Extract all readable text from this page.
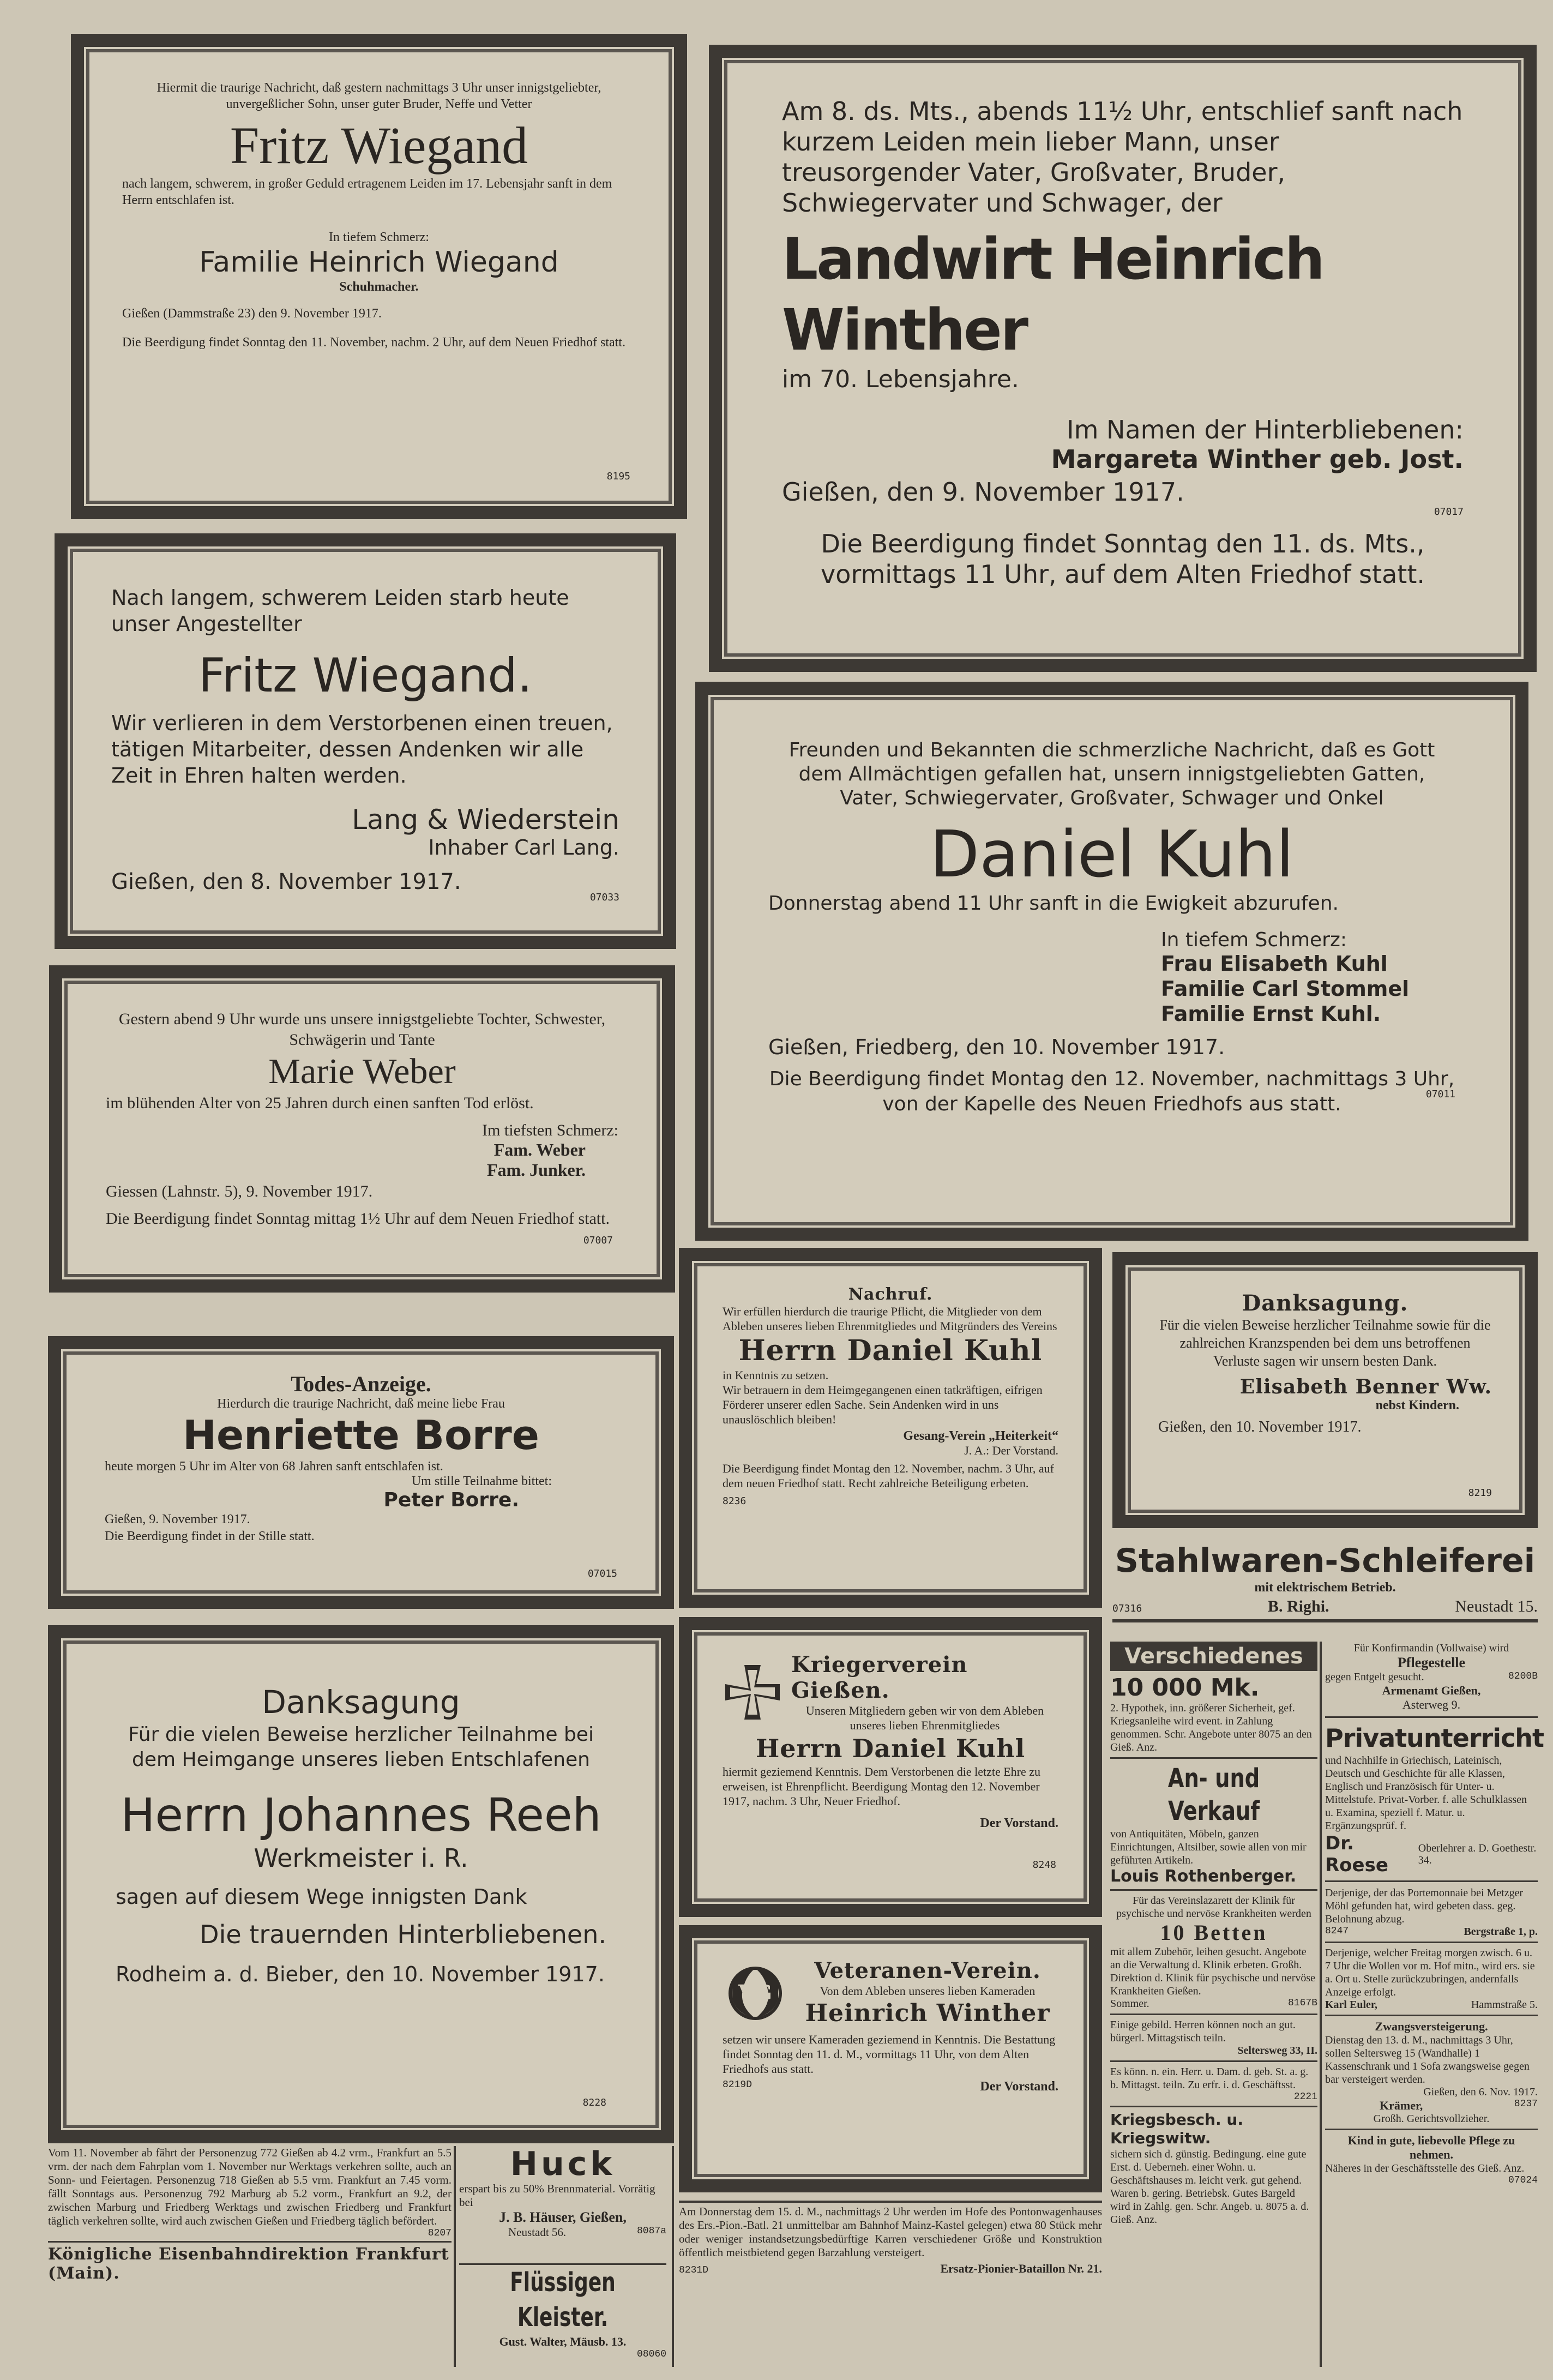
Hiermit die traurige Nachricht, daß gestern nachmittags 3 Uhr unser innigstgeliebter, unvergeßlicher Sohn, unser guter Bruder, Neffe und Vetter
Fritz Wiegand
nach langem, schwerem, in großer Geduld ertragenem Leiden im 17. Lebensjahr sanft in dem Herrn entschlafen ist.
In tiefem Schmerz:
Familie Heinrich Wiegand
Schuhmacher.
Gießen (Dammstraße 23) den 9. November 1917.
Die Beerdigung findet Sonntag den 11. November, nachm. 2 Uhr, auf dem Neuen Friedhof statt.
8195
Am 8. ds. Mts., abends 11½ Uhr, entschlief sanft nach kurzem Leiden mein lieber Mann, unser treusorgender Vater, Großvater, Bruder, Schwiegervater und Schwager, der
Landwirt Heinrich Winther
im 70. Lebensjahre.
Im Namen der Hinterbliebenen:
Margareta Winther geb. Jost.
Gießen, den 9. November 1917.
07017
Die Beerdigung findet Sonntag den 11. ds. Mts., vormittags 11 Uhr, auf dem Alten Friedhof statt.
Nach langem, schwerem Leiden starb heute unser Angestellter
Fritz Wiegand.
Wir verlieren in dem Verstorbenen einen treuen, tätigen Mitarbeiter, dessen Andenken wir alle Zeit in Ehren halten werden.
Lang & Wiederstein
Inhaber Carl Lang.
Gießen, den 8. November 1917.
07033
Freunden und Bekannten die schmerzliche Nachricht, daß es Gott dem Allmächtigen gefallen hat, unsern innigstgeliebten Gatten, Vater, Schwiegervater, Großvater, Schwager und Onkel
Daniel Kuhl
Donnerstag abend 11 Uhr sanft in die Ewigkeit abzurufen.
In tiefem Schmerz:
Frau Elisabeth Kuhl
Familie Carl Stommel
Familie Ernst Kuhl.
Gießen, Friedberg, den 10. November 1917.
07011
Die Beerdigung findet Montag den 12. November, nachmittags 3 Uhr, von der Kapelle des Neuen Friedhofs aus statt.
Gestern abend 9 Uhr wurde uns unsere innigstgeliebte Tochter, Schwester, Schwägerin und Tante
Marie Weber
im blühenden Alter von 25 Jahren durch einen sanften Tod erlöst.
Im tiefsten Schmerz:
Fam. Weber
Fam. Junker.
Giessen (Lahnstr. 5), 9. November 1917.
07007
Die Beerdigung findet Sonntag mittag 1½ Uhr auf dem Neuen Friedhof statt.
Nachruf.
Wir erfüllen hierdurch die traurige Pflicht, die Mitglieder von dem Ableben unseres lieben Ehrenmitgliedes und Mitgründers des Vereins
Herrn Daniel Kuhl
in Kenntnis zu setzen.
Wir betrauern in dem Heimgegangenen einen tatkräftigen, eifrigen Förderer unserer edlen Sache. Sein Andenken wird in uns unauslöschlich bleiben!
Gesang-Verein „Heiterkeit“
8236
J. A.: Der Vorstand.
Die Beerdigung findet Montag den 12. November, nachm. 3 Uhr, auf dem neuen Friedhof statt. Recht zahlreiche Beteiligung erbeten.
Danksagung.
Für die vielen Beweise herzlicher Teilnahme sowie für die zahlreichen Kranzspenden bei dem uns betroffenen Verluste sagen wir unsern besten Dank.
Elisabeth Benner Ww.
nebst Kindern.
Gießen, den 10. November 1917.
8219
Todes-Anzeige.
Hierdurch die traurige Nachricht, daß meine liebe Frau
Henriette Borre
heute morgen 5 Uhr im Alter von 68 Jahren sanft entschlafen ist.
Um stille Teilnahme bittet:
Peter Borre.
Gießen, 9. November 1917.
Die Beerdigung findet in der Stille statt.
07015	Stahlwaren-Schleiferei
mit elektrischem Betrieb.
07316	B. Righi.	Neustadt 15.
Kriegerverein Gießen.
Unseren Mitgliedern geben wir von dem Ableben unseres lieben Ehrenmitgliedes
Herrn Daniel Kuhl
hiermit geziemend Kenntnis. Dem Verstorbenen die letzte Ehre zu erweisen, ist Ehrenpflicht. Beerdigung Montag den 12. November 1917, nachm. 3 Uhr, Neuer Friedhof.
8248
Der Vorstand.
Verschiedenes
10 000 Mk.
2. Hypothek, inn. größerer Sicherheit, gef. Kriegsanleihe wird event. in Zahlung genommen. Schr. Angebote unter 8075 an den Gieß. Anz.
An- und Verkauf
von Antiquitäten, Möbeln, ganzen Einrichtungen, Altsilber, sowie allen von mir geführten Artikeln.
Louis Rothenberger.
Für das Vereinslazarett der Klinik für psychische und nervöse Krankheiten werden
10 Betten
mit allem Zubehör, leihen gesucht. Angebote an die Verwaltung d. Klinik erbeten. Großh. Direktion d. Klinik für psychische und nervöse Krankheiten Gießen.
Sommer.	8167B
Einige gebild. Herren können noch an gut. bürgerl. Mittagstisch teiln.
Seltersweg 33, II.
Es könn. n. ein. Herr. u. Dam. d. geb. St. a. g. b. Mittagst. teiln. Zu erfr. i. d. Geschäftsst.
2221
Kriegsbesch. u. Kriegswitw.
sichern sich d. günstig. Bedingung. eine gute Erst. d. Ueberneh. einer Wohn. u. Geschäftshauses m. leicht verk. gut gehend. Waren b. gering. Betriebsk. Gutes Bargeld wird in Zahlg. gen. Schr. Angeb. u. 8075 a. d. Gieß. Anz.
Für Konfirmandin (Vollwaise) wird
Pflegestelle
gegen Entgelt gesucht.	8200B
Armenamt Gießen,
Asterweg 9.
Privatunterricht
und Nachhilfe in Griechisch, Lateinisch, Deutsch und Geschichte für alle Klassen, Englisch und Französisch für Unter- u. Mittelstufe. Privat-Vorber. f. alle Schulklassen u. Examina, speziell f. Matur. u. Ergänzungsprüf. f.
Dr. Roese
Oberlehrer a. D. Goethestr. 34.
Derjenige, der das Portemonnaie bei Metzger Möhl gefunden hat, wird gebeten dass. geg. Belohnung abzug.
8247	Bergstraße 1, p.
Derjenige, welcher Freitag morgen zwisch. 6 u. 7 Uhr die Wollen vor m. Hof mitn., wird ers. sie a. Ort u. Stelle zurückzubringen, andernfalls Anzeige erfolgt.
Karl Euler,	Hammstraße 5.
Zwangsversteigerung.
Dienstag den 13. d. M., nachmittags 3 Uhr, sollen Seltersweg 15 (Wandhalle) 1 Kassenschrank und 1 Sofa zwangsweise gegen bar versteigert werden.
Gießen, den 6. Nov. 1917.
Krämer,	8237
Großh. Gerichtsvollzieher.
Kind in gute, liebevolle Pflege zu nehmen.
Näheres in der Geschäftsstelle des Gieß. Anz.
07024
VG
Veteranen-Verein.
Von dem Ableben unseres lieben Kameraden
Heinrich Winther
setzen wir unsere Kameraden geziemend in Kenntnis. Die Bestattung findet Sonntag den 11. d. M., vormittags 11 Uhr, von dem Alten Friedhofs aus statt.
8219D	Der Vorstand.
Danksagung
Für die vielen Beweise herzlicher Teilnahme bei dem Heimgange unseres lieben Entschlafenen
Herrn Johannes Reeh
Werkmeister i. R.
sagen auf diesem Wege innigsten Dank
Die trauernden Hinterbliebenen.
Rodheim a. d. Bieber, den 10. November 1917.
8228
Vom 11. November ab fährt der Personenzug 772 Gießen ab 4.2 vrm., Frankfurt an 5.5 vrm. der nach dem Fahrplan vom 1. November nur Werktags verkehren sollte, auch an Sonn- und Feiertagen. Personenzug 718 Gießen ab 5.5 vrm. Frankfurt an 7.45 vorm. fällt Sonntags aus. Personenzug 792 Marburg ab 5.2 vorm., Frankfurt an 9.2, der zwischen Marburg und Friedberg Werktags und zwischen Friedberg und Frankfurt täglich verkehren sollte, wird auch zwischen Gießen und Friedberg täglich befördert.
8207
Königliche Eisenbahndirektion Frankfurt (Main).
Huck
erspart bis zu 50% Brennmaterial. Vorrätig bei
J. B. Häuser, Gießen,
Neustadt 56.	8087a
Flüssigen Kleister.
Gust. Walter, Mäusb. 13.
08060
Am Donnerstag dem 15. d. M., nachmittags 2 Uhr werden im Hofe des Pontonwagenhauses des Ers.-Pion.-Batl. 21 unmittelbar am Bahnhof Mainz-Kastel gelegen) etwa 80 Stück mehr oder weniger instandsetzungsbedürftige Karren verschiedener Größe und Konstruktion öffentlich meistbietend gegen Barzahlung versteigert.
8231D	Ersatz-Pionier-Bataillon Nr. 21.
